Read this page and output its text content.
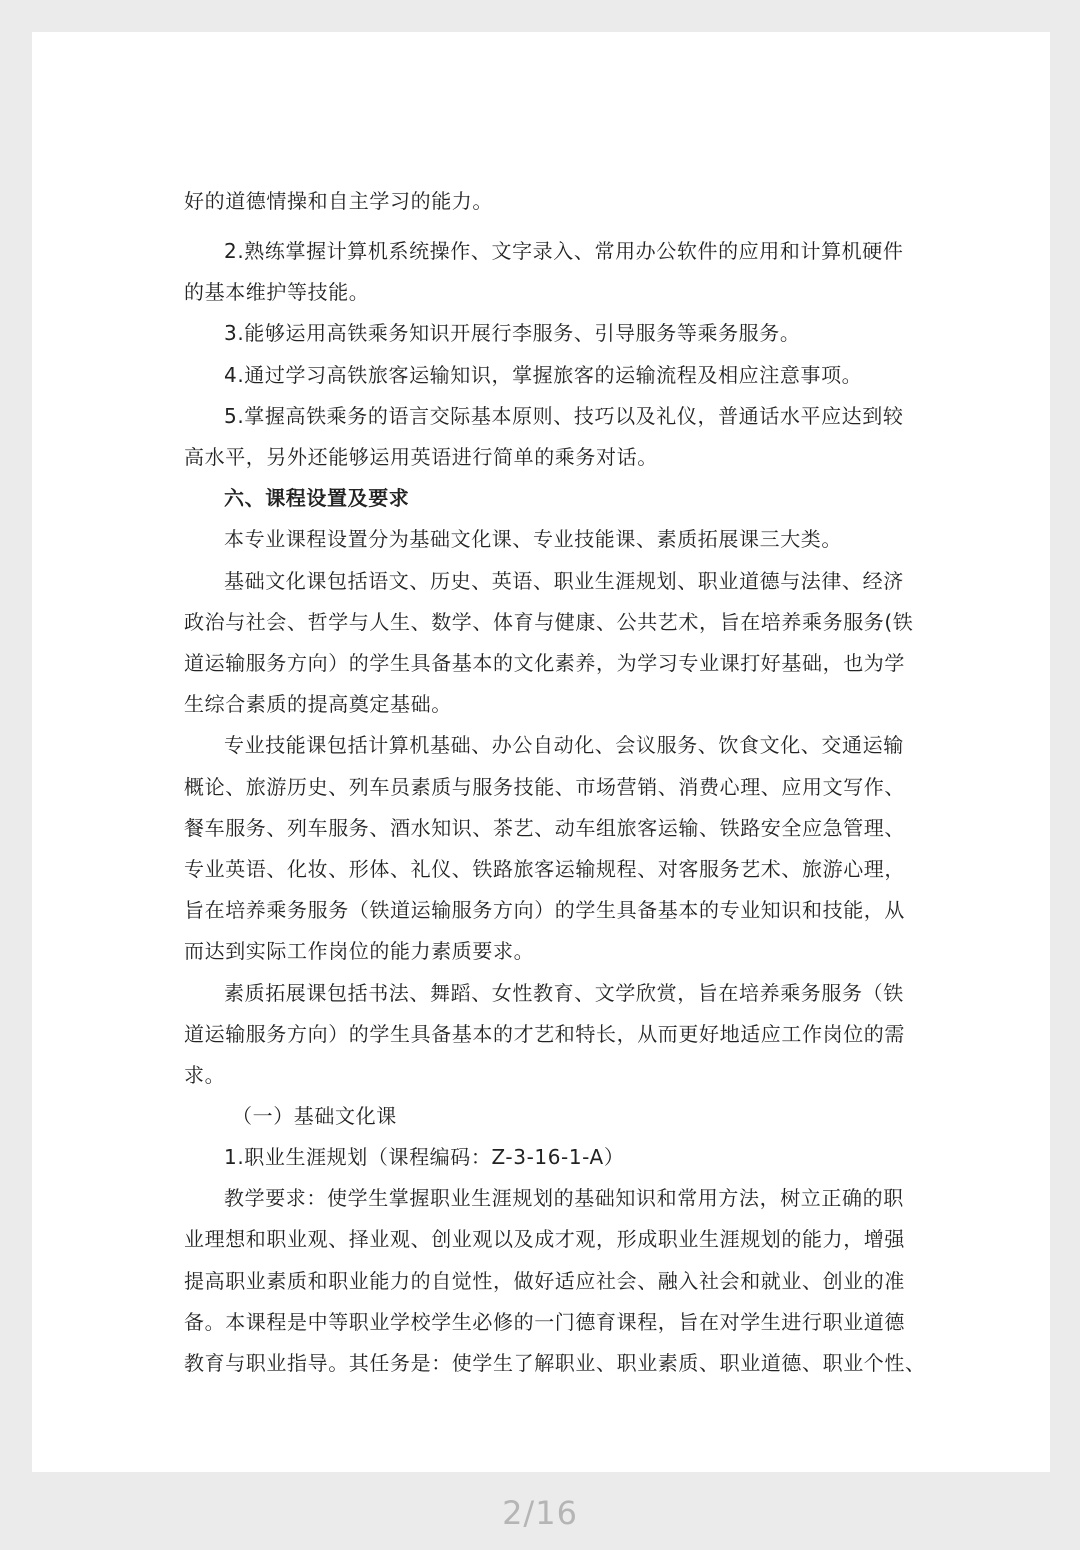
好的道德情操和自主学习的能力。
2.熟练掌握计算机系统操作、文字录入、常用办公软件的应用和计算机硬件
的基本维护等技能。
3.能够运用高铁乘务知识开展行李服务、引导服务等乘务服务。
4.通过学习高铁旅客运输知识，掌握旅客的运输流程及相应注意事项。
5.掌握高铁乘务的语言交际基本原则、技巧以及礼仪，普通话水平应达到较
高水平，另外还能够运用英语进行简单的乘务对话。
六、课程设置及要求
本专业课程设置分为基础文化课、专业技能课、素质拓展课三大类。
基础文化课包括语文、历史、英语、职业生涯规划、职业道德与法律、经济
政治与社会、哲学与人生、数学、体育与健康、公共艺术，旨在培养乘务服务(铁
道运输服务方向）的学生具备基本的文化素养，为学习专业课打好基础，也为学
生综合素质的提高奠定基础。
专业技能课包括计算机基础、办公自动化、会议服务、饮食文化、交通运输
概论、旅游历史、列车员素质与服务技能、市场营销、消费心理、应用文写作、
餐车服务、列车服务、酒水知识、茶艺、动车组旅客运输、铁路安全应急管理、
专业英语、化妆、形体、礼仪、铁路旅客运输规程、对客服务艺术、旅游心理，
旨在培养乘务服务（铁道运输服务方向）的学生具备基本的专业知识和技能，从
而达到实际工作岗位的能力素质要求。
素质拓展课包括书法、舞蹈、女性教育、文学欣赏，旨在培养乘务服务（铁
道运输服务方向）的学生具备基本的才艺和特长，从而更好地适应工作岗位的需
求。
（一）基础文化课
1.职业生涯规划（课程编码：Z-3-16-1-A）
教学要求：使学生掌握职业生涯规划的基础知识和常用方法，树立正确的职
业理想和职业观、择业观、创业观以及成才观，形成职业生涯规划的能力，增强
提高职业素质和职业能力的自觉性，做好适应社会、融入社会和就业、创业的准
备。本课程是中等职业学校学生必修的一门德育课程，旨在对学生进行职业道德
教育与职业指导。其任务是：使学生了解职业、职业素质、职业道德、职业个性、
2/16
